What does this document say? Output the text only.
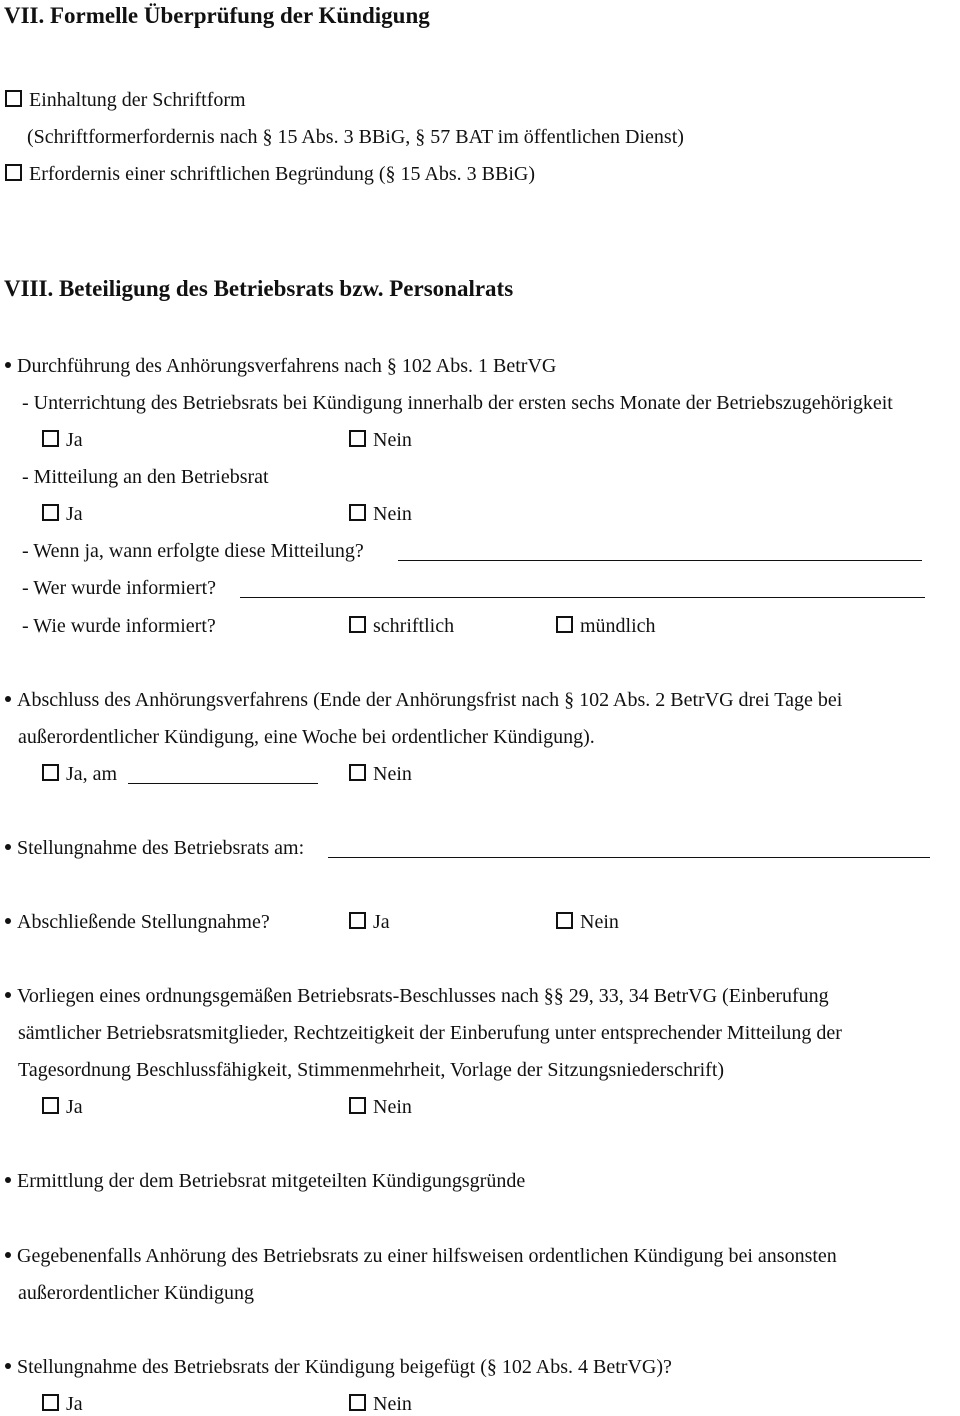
VII. Formelle Überprüfung der Kündigung
Einhaltung der Schriftform
(Schriftformerfordernis nach § 15 Abs. 3 BBiG, § 57 BAT im öffentlichen Dienst)
Erfordernis einer schriftlichen Begründung (§ 15 Abs. 3 BBiG)
VIII. Beteiligung des Betriebsrats bzw. Personalrats
Durchführung des Anhörungsverfahrens nach § 102 Abs. 1 BetrVG
- Unterrichtung des Betriebsrats bei Kündigung innerhalb der ersten sechs Monate der Betriebszugehörigkeit
Ja	Nein
- Mitteilung an den Betriebsrat
Ja	Nein
- Wenn ja, wann erfolgte diese Mitteilung?
- Wer wurde informiert?
- Wie wurde informiert?	schriftlich	mündlich
Abschluss des Anhörungsverfahrens (Ende der Anhörungsfrist nach § 102 Abs. 2 BetrVG drei Tage bei
außerordentlicher Kündigung, eine Woche bei ordentlicher Kündigung).
Ja, am	Nein
Stellungnahme des Betriebsrats am:
Abschließende Stellungnahme?	Ja	Nein
Vorliegen eines ordnungsgemäßen Betriebsrats-Beschlusses nach §§ 29, 33, 34 BetrVG (Einberufung
sämtlicher Betriebsratsmitglieder, Rechtzeitigkeit der Einberufung unter entsprechender Mitteilung der
Tagesordnung Beschlussfähigkeit, Stimmenmehrheit, Vorlage der Sitzungsniederschrift)
Ja	Nein
Ermittlung der dem Betriebsrat mitgeteilten Kündigungsgründe
Gegebenenfalls Anhörung des Betriebsrats zu einer hilfsweisen ordentlichen Kündigung bei ansonsten
außerordentlicher Kündigung
Stellungnahme des Betriebsrats der Kündigung beigefügt (§ 102 Abs. 4 BetrVG)?
Ja	Nein
